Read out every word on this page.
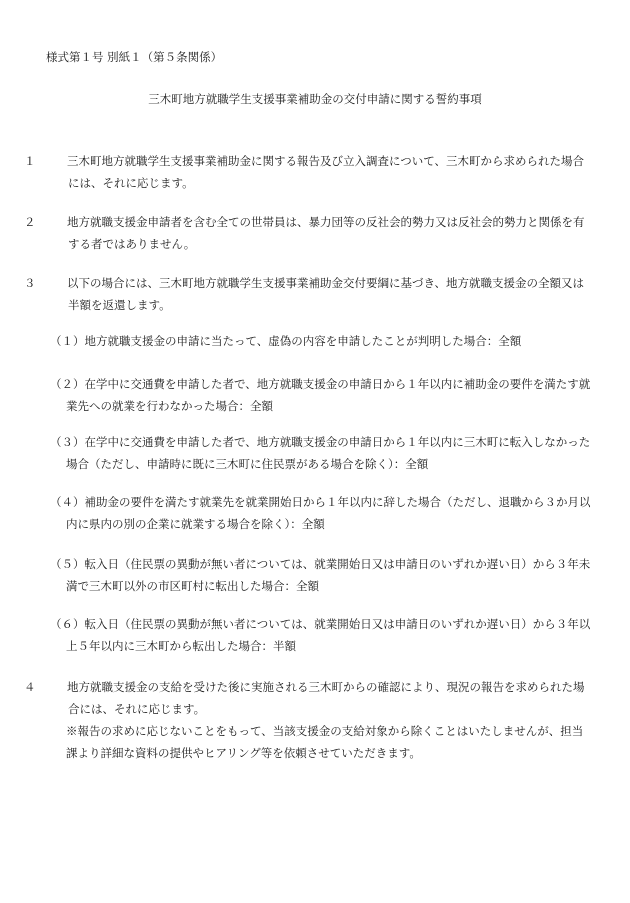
様式第１号 別紙１（第５条関係）
三木町地方就職学生支援事業補助金の交付申請に関する誓約事項

１	三木町地方就職学生支援事業補助金に関する報告及び立入調査について、三木町から求められた場合には、それに応じます。

２	地方就職支援金申請者を含む全ての世帯員は、暴力団等の反社会的勢力又は反社会的勢力と関係を有する者ではありません。

３	以下の場合には、三木町地方就職学生支援事業補助金交付要綱に基づき、地方就職支援金の全額又は半額を返還します。

（１）地方就職支援金の申請に当たって、虚偽の内容を申請したことが判明した場合：全額

（２）在学中に交通費を申請した者で、地方就職支援金の申請日から１年以内に補助金の要件を満たす就業先への就業を行わなかった場合：全額

（３）在学中に交通費を申請した者で、地方就職支援金の申請日から１年以内に三木町に転入しなかった場合（ただし、申請時に既に三木町に住民票がある場合を除く）：全額

（４）補助金の要件を満たす就業先を就業開始日から１年以内に辞した場合（ただし、退職から３か月以内に県内の別の企業に就業する場合を除く）：全額

（５）転入日（住民票の異動が無い者については、就業開始日又は申請日のいずれか遅い日）から３年未満で三木町以外の市区町村に転出した場合：全額

（６）転入日（住民票の異動が無い者については、就業開始日又は申請日のいずれか遅い日）から３年以上５年以内に三木町から転出した場合：半額

４	地方就職支援金の支給を受けた後に実施される三木町からの確認により、現況の報告を求められた場合には、それに応じます。

※報告の求めに応じないことをもって、当該支援金の支給対象から除くことはいたしませんが、担当課より詳細な資料の提供やヒアリング等を依頼させていただきます。
